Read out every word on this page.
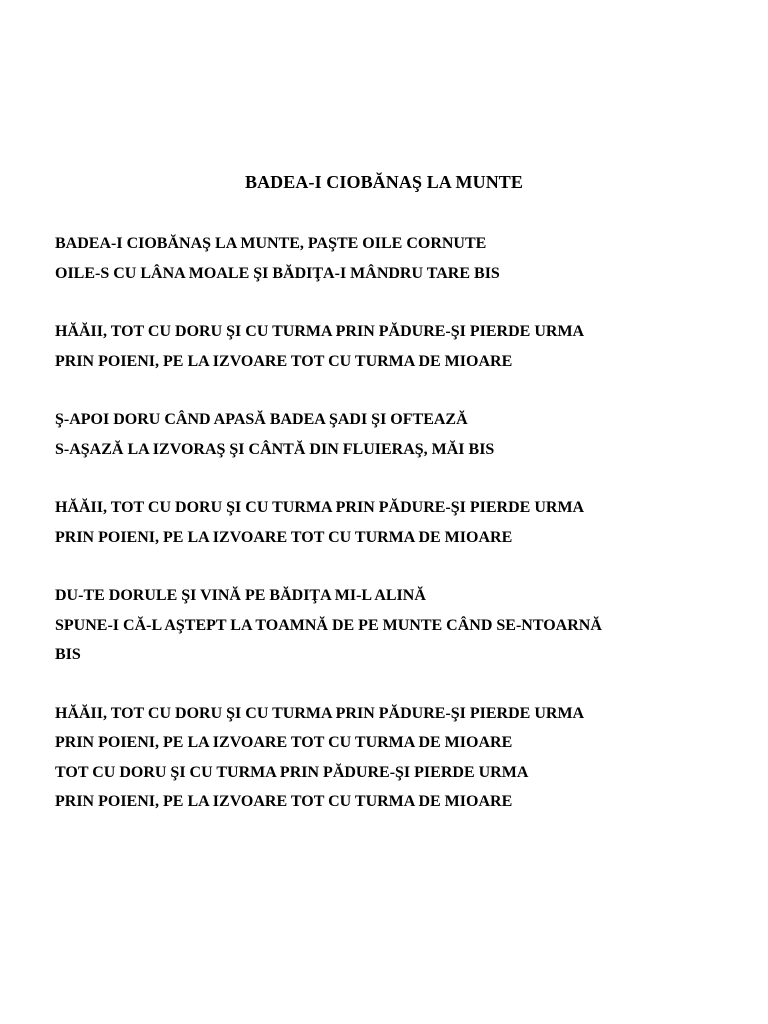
BADEA-I CIOBĂNAŞ LA MUNTE
BADEA-I CIOBĂNAŞ LA MUNTE, PAŞTE OILE CORNUTE
OILE-S CU LÂNA MOALE ŞI BĂDIŢA-I MÂNDRU TARE BIS
HĂĂII, TOT CU DORU ŞI CU TURMA PRIN PĂDURE-ŞI PIERDE URMA
PRIN POIENI, PE LA IZVOARE TOT CU TURMA DE MIOARE
Ş-APOI DORU CÂND APASĂ BADEA ŞADI ŞI OFTEAZĂ
S-AŞAZĂ LA IZVORAŞ ŞI CÂNTĂ DIN FLUIERAŞ, MĂI BIS
HĂĂII, TOT CU DORU ŞI CU TURMA PRIN PĂDURE-ŞI PIERDE URMA
PRIN POIENI, PE LA IZVOARE TOT CU TURMA DE MIOARE
DU-TE DORULE ŞI VINĂ PE BĂDIŢA MI-L ALINĂ
SPUNE-I CĂ-L AŞTEPT LA TOAMNĂ DE PE MUNTE CÂND SE-NTOARNĂ
BIS
HĂĂII, TOT CU DORU ŞI CU TURMA PRIN PĂDURE-ŞI PIERDE URMA
PRIN POIENI, PE LA IZVOARE TOT CU TURMA DE MIOARE
TOT CU DORU ŞI CU TURMA PRIN PĂDURE-ŞI PIERDE URMA
PRIN POIENI, PE LA IZVOARE TOT CU TURMA DE MIOARE
